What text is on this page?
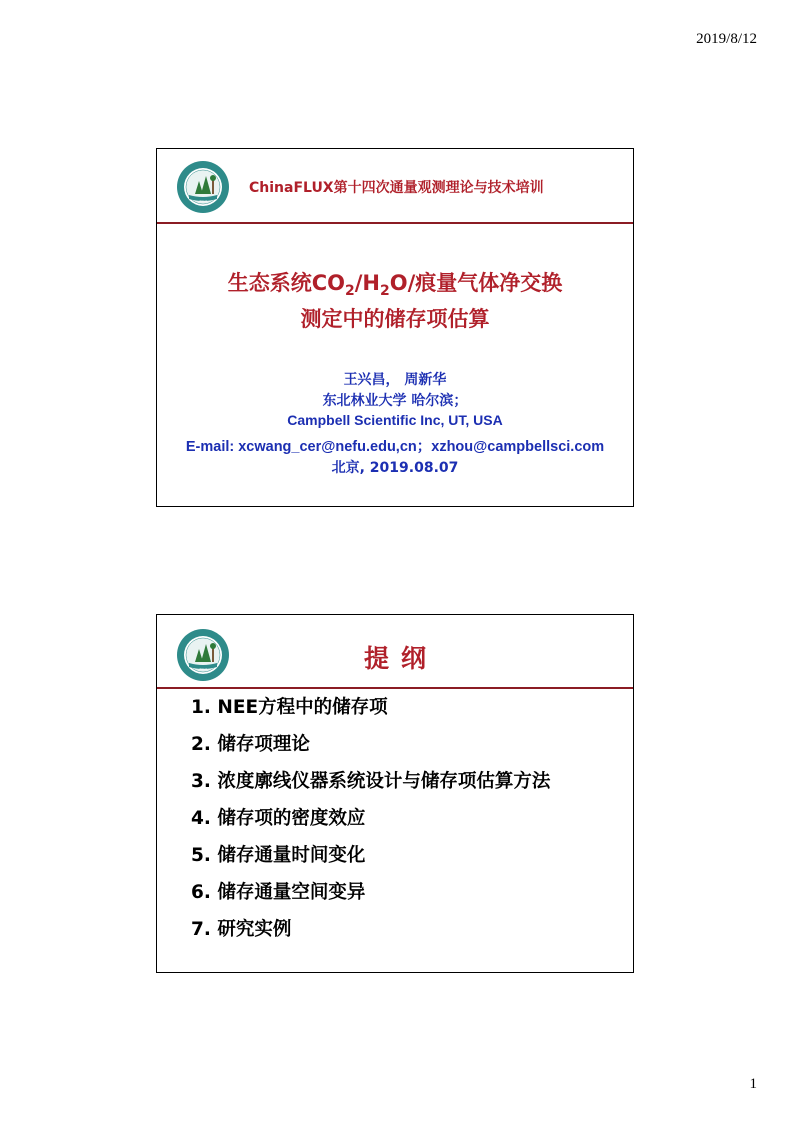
2019/8/12
2014
ChinaFLUX第十四次通量观测理论与技术培训
生态系统$CO_2/H_2O/$痕量气体净交换
测定中的储存项估算
王兴昌， 周新华
东北林业大学 哈尔滨；
Campbell Scientific Inc, UT, USA
E-mail: xcwang_cer@nefu.edu,cn；xzhou@campbellsci.com
北京, 2019.08.07
2014	提纲
1. NEE方程中的储存项
2. 储存项理论
3. 浓度廓线仪器系统设计与储存项估算方法
4. 储存项的密度效应
5. 储存通量时间变化
6. 储存通量空间变异
7. 研究实例
1
